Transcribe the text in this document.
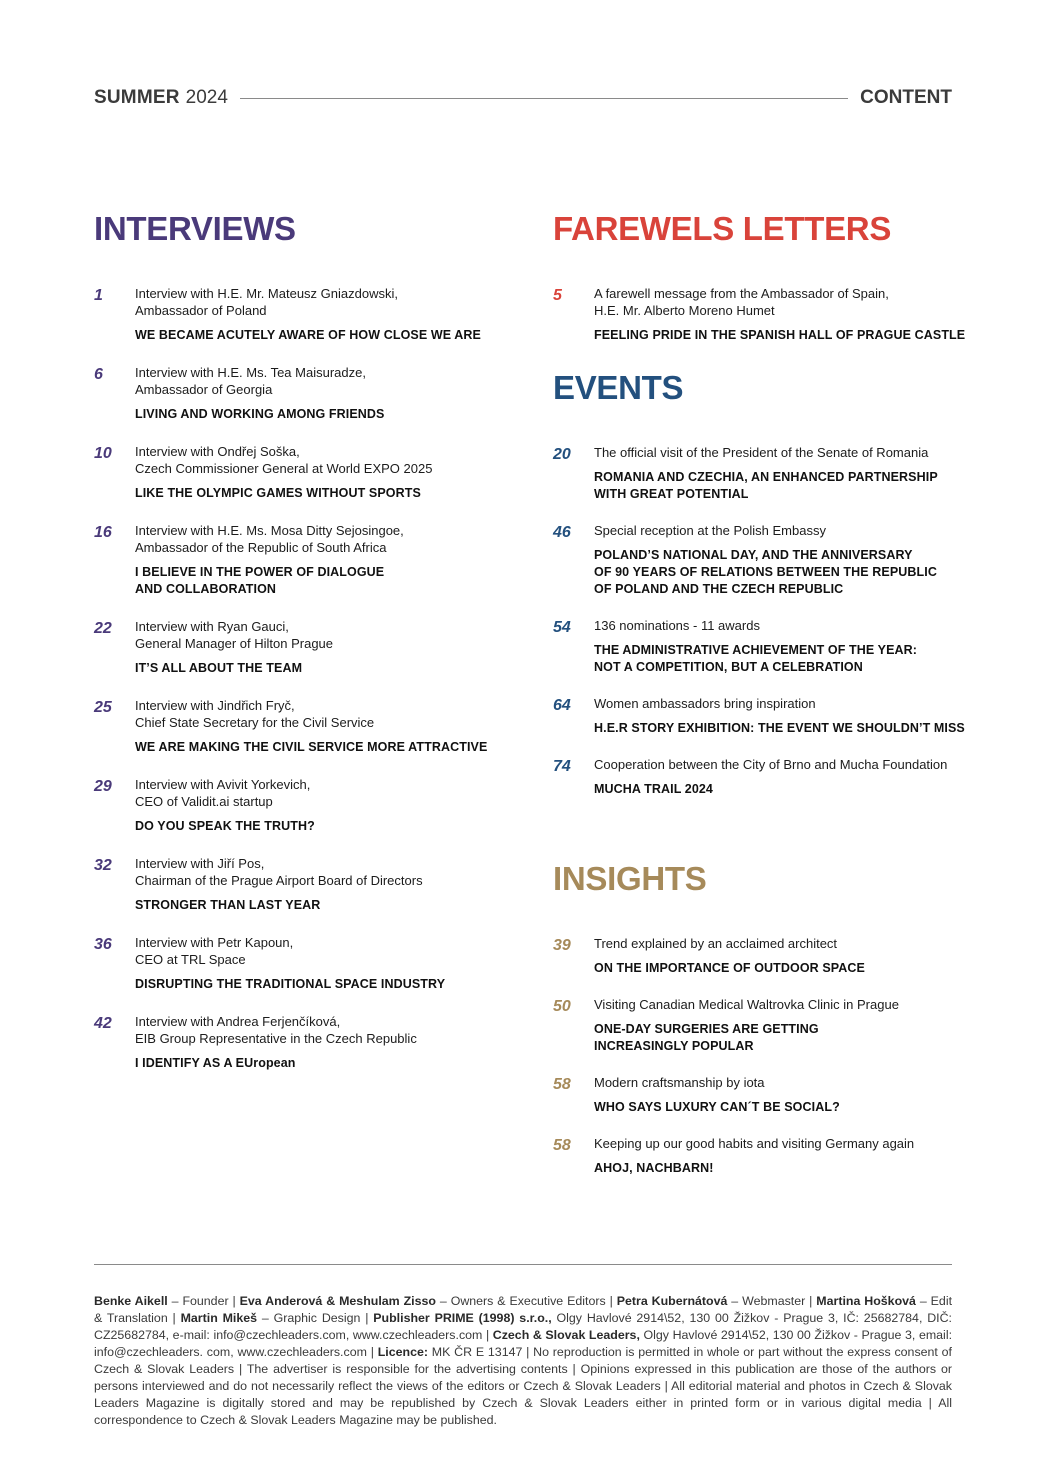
SUMMER 2024	CONTENT
INTERVIEWS
1 Interview with H.E. Mr. Mateusz Gniazdowski,
Ambassador of Poland
WE BECAME ACUTELY AWARE OF HOW CLOSE WE ARE
6 Interview with H.E. Ms. Tea Maisuradze,
Ambassador of Georgia
LIVING AND WORKING AMONG FRIENDS
10 Interview with Ondřej Soška,
Czech Commissioner General at World EXPO 2025
LIKE THE OLYMPIC GAMES WITHOUT SPORTS
16 Interview with H.E. Ms. Mosa Ditty Sejosingoe,
Ambassador of the Republic of South Africa
I BELIEVE IN THE POWER OF DIALOGUE
AND COLLABORATION
22 Interview with Ryan Gauci,
General Manager of Hilton Prague
IT’S ALL ABOUT THE TEAM
25 Interview with Jindřich Fryč,
Chief State Secretary for the Civil Service
WE ARE MAKING THE CIVIL SERVICE MORE ATTRACTIVE
29 Interview with Avivit Yorkevich,
CEO of Validit.ai startup
DO YOU SPEAK THE TRUTH?
32 Interview with Jiří Pos,
Chairman of the Prague Airport Board of Directors
STRONGER THAN LAST YEAR
36 Interview with Petr Kapoun,
CEO at TRL Space
DISRUPTING THE TRADITIONAL SPACE INDUSTRY
42 Interview with Andrea Ferjenčíková,
EIB Group Representative in the Czech Republic
I IDENTIFY AS A EUropean
FAREWELS LETTERS
5 A farewell message from the Ambassador of Spain,
H.E. Mr. Alberto Moreno Humet
FEELING PRIDE IN THE SPANISH HALL OF PRAGUE CASTLE
EVENTS
20 The official visit of the President of the Senate of Romania
ROMANIA AND CZECHIA, AN ENHANCED PARTNERSHIP
WITH GREAT POTENTIAL
46 Special reception at the Polish Embassy
POLAND’S NATIONAL DAY, AND THE ANNIVERSARY
OF 90 YEARS OF RELATIONS BETWEEN THE REPUBLIC
OF POLAND AND THE CZECH REPUBLIC
54 136 nominations - 11 awards
THE ADMINISTRATIVE ACHIEVEMENT OF THE YEAR:
NOT A COMPETITION, BUT A CELEBRATION
64 Women ambassadors bring inspiration
H.E.R STORY EXHIBITION: THE EVENT WE SHOULDN’T MISS
74 Cooperation between the City of Brno and Mucha Foundation
MUCHA TRAIL 2024
INSIGHTS
39 Trend explained by an acclaimed architect
ON THE IMPORTANCE OF OUTDOOR SPACE
50 Visiting Canadian Medical Waltrovka Clinic in Prague
ONE-DAY SURGERIES ARE GETTING
INCREASINGLY POPULAR
58 Modern craftsmanship by iota
WHO SAYS LUXURY CAN´T BE SOCIAL?
58 Keeping up our good habits and visiting Germany again
AHOJ, NACHBARN!
Benke Aikell – Founder | Eva Anderová & Meshulam Zisso – Owners & Executive Editors | Petra Kubernátová – Webmaster | Martina Hošková – Edit & Translation | Martin Mikeš – Graphic Design | Publisher PRIME (1998) s.r.o., Olgy Havlové 2914\52, 130 00 Žižkov - Prague 3, IČ: 25682784, DIČ: CZ25682784, e-mail: info@czechleaders.com, www.czechleaders.com | Czech & Slovak Leaders, Olgy Havlové 2914\52, 130 00 Žižkov - Prague 3, email: info@czechleaders. com, www.czechleaders.com | Licence: MK ČR E 13147 | No reproduction is permitted in whole or part without the express consent of Czech & Slovak Leaders | The advertiser is responsible for the advertising contents | Opinions expressed in this publication are those of the authors or persons interviewed and do not necessarily reflect the views of the editors or Czech & Slovak Leaders | All editorial material and photos in Czech & Slovak Leaders Magazine is digitally stored and may be republished by Czech & Slovak Leaders either in printed form or in various digital media | All correspondence to Czech & Slovak Leaders Magazine may be published.
